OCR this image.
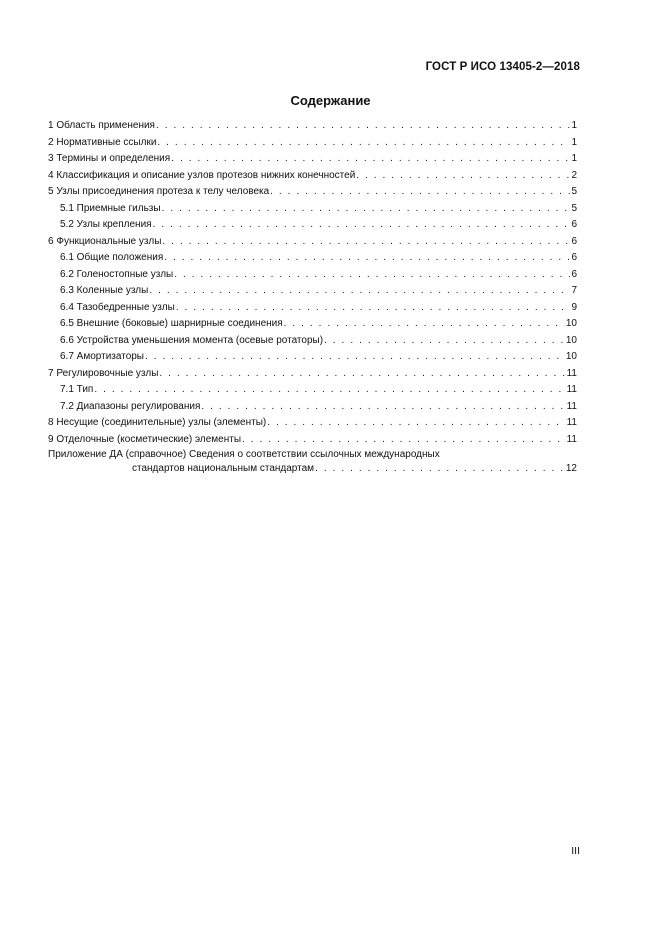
ГОСТ Р ИСО 13405-2—2018
Содержание
1 Область применения . . .	1
2 Нормативные ссылки . . .	1
3 Термины и определения . . .	1
4 Классификация и описание узлов протезов нижних конечностей . . .	2
5 Узлы присоединения протеза к телу человека . . .	5
5.1 Приемные гильзы . . .	5
5.2 Узлы крепления . . .	6
6 Функциональные узлы . . .	6
6.1 Общие положения . . .	6
6.2 Голеностопные узлы . . .	6
6.3 Коленные узлы . . .	7
6.4 Тазобедренные узлы . . .	9
6.5 Внешние (боковые) шарнирные соединения . . .	10
6.6 Устройства уменьшения момента (осевые ротаторы) . . .	10
6.7 Амортизаторы . . .	10
7 Регулировочные узлы . . .	11
7.1 Тип . . .	11
7.2 Диапазоны регулирования . . .	11
8 Несущие (соединительные) узлы (элементы) . . .	11
9 Отделочные (косметические) элементы . . .	11
Приложение ДА (справочное) Сведения о соответствии ссылочных международных
стандартов национальным стандартам . . .	12
III
